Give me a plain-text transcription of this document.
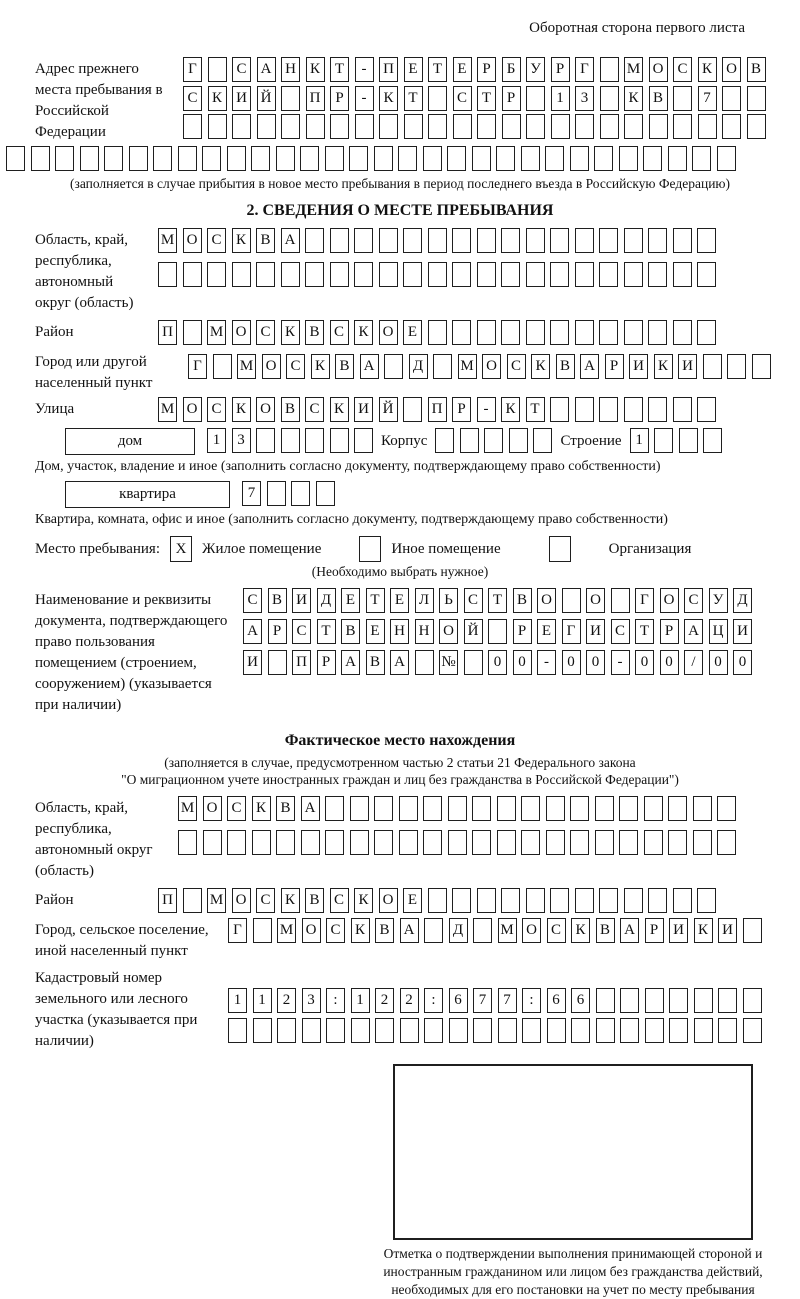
Оборотная сторона первого листа
Адрес прежнего места пребывания в Российской Федерации
Г	С А Н К Т	-	П Е	Т	Е	Р	Б У	Р	Г	М О С К О В
С К И Й	П Р	-	К Т	С Т	Р	1	3	К В	7
(заполняется в случае прибытия в новое место пребывания в период последнего въезда в Российскую Федерацию)
2. СВЕДЕНИЯ О МЕСТЕ ПРЕБЫВАНИЯ
Область, край, республика, автономный округ (область)
М О С К В А
Район	П М О С К В С К О Е
Город или другой населенный пункт
Г	М О С К В А	Д М О С К В А Р И К И
Улица	М О С К О В С К И Й	П Р	-	К Т
дом	1	3	Корпус	Строение 1
Дом, участок, владение и иное (заполнить согласно документу, подтверждающему право собственности)
квартира	7
Квартира, комната, офис и иное (заполнить согласно документу, подтверждающему право собственности)
Место пребывания:	X	Жилое помещение	Иное помещение	Организация
(Необходимо выбрать нужное)
Наименование и реквизиты документа, подтверждающего право пользования помещением (строением, сооружением) (указывается при наличии)
С В И Д Е	Т	Е Л	Ь	С Т В О	О	Г О С У Д
А Р	С Т В Е Н Н О Й	Р	Е	Г И С Т	Р А Ц И
И	П Р А В А №	0	0	-	0	0	-	0	0	/	0	0
Фактическое место нахождения
(заполняется в случае, предусмотренном частью 2 статьи 21 Федерального закона
"О миграционном учете иностранных граждан и лиц без гражданства в Российской Федерации")
Область, край, республика, автономный округ (область)
М О С К В А
Район	П М О С К В С К О Е
Город, сельское поселение, иной населенный пункт
Г	М О С К В А	Д М О С К В А Р И К И
Кадастровый номер земельного или лесного участка (указывается при наличии)
1	1	2	3	:	1	2	2	:	6	7	7	:	6	6
Отметка о подтверждении выполнения принимающей стороной и иностранным гражданином или лицом без гражданства действий, необходимых для его постановки на учет по месту пребывания
